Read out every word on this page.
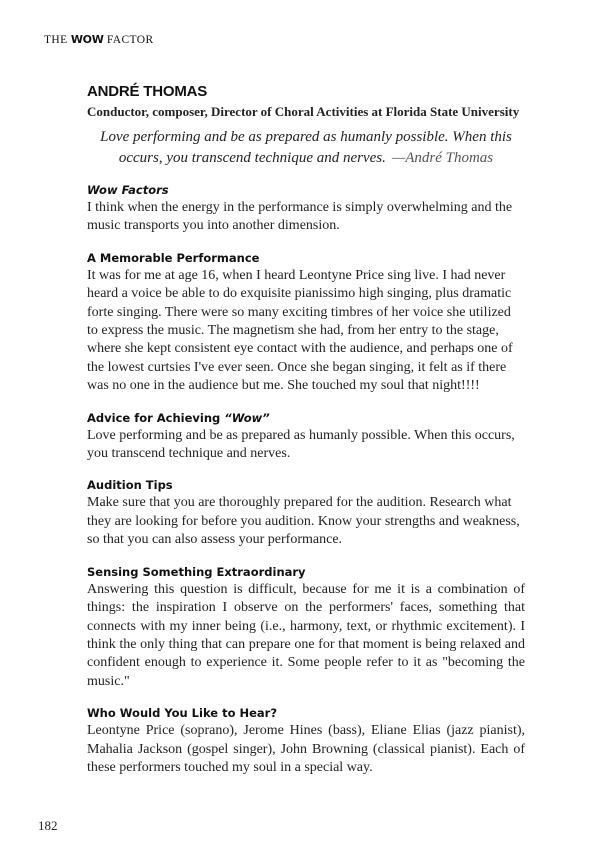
THE WOW FACTOR
ANDRÉ THOMAS

Conductor, composer, Director of Choral Activities at Florida State University

Love performing and be as prepared as humanly possible. When this
occurs, you transcend technique and nerves. —André Thomas
Wow Factors

I think when the energy in the performance is simply overwhelming and the music transports you into another dimension.

A Memorable Performance

It was for me at age 16, when I heard Leontyne Price sing live. I had never heard a voice be able to do exquisite pianissimo high singing, plus dramatic forte singing. There were so many exciting timbres of her voice she utilized to express the music. The magnetism she had, from her entry to the stage, where she kept consistent eye contact with the audience, and perhaps one of the lowest curtsies I've ever seen. Once she began singing, it felt as if there was no one in the audience but me. She touched my soul that night!!!!

Advice for Achieving “Wow”

Love performing and be as prepared as humanly possible. When this occurs, you transcend technique and nerves.

Audition Tips

Make sure that you are thoroughly prepared for the audition. Research what they are looking for before you audition. Know your strengths and weakness, so that you can also assess your performance.

Sensing Something Extraordinary

Answering this question is difficult, because for me it is a combination of things: the inspiration I observe on the performers' faces, something that connects with my inner being (i.e., harmony, text, or rhythmic excitement). I think the only thing that can prepare one for that moment is being relaxed and confident enough to experience it. Some people refer to it as "becoming the music."

Who Would You Like to Hear?

Leontyne Price (soprano), Jerome Hines (bass), Eliane Elias (jazz pianist), Mahalia Jackson (gospel singer), John Browning (classical pianist). Each of these performers touched my soul in a special way.

182
